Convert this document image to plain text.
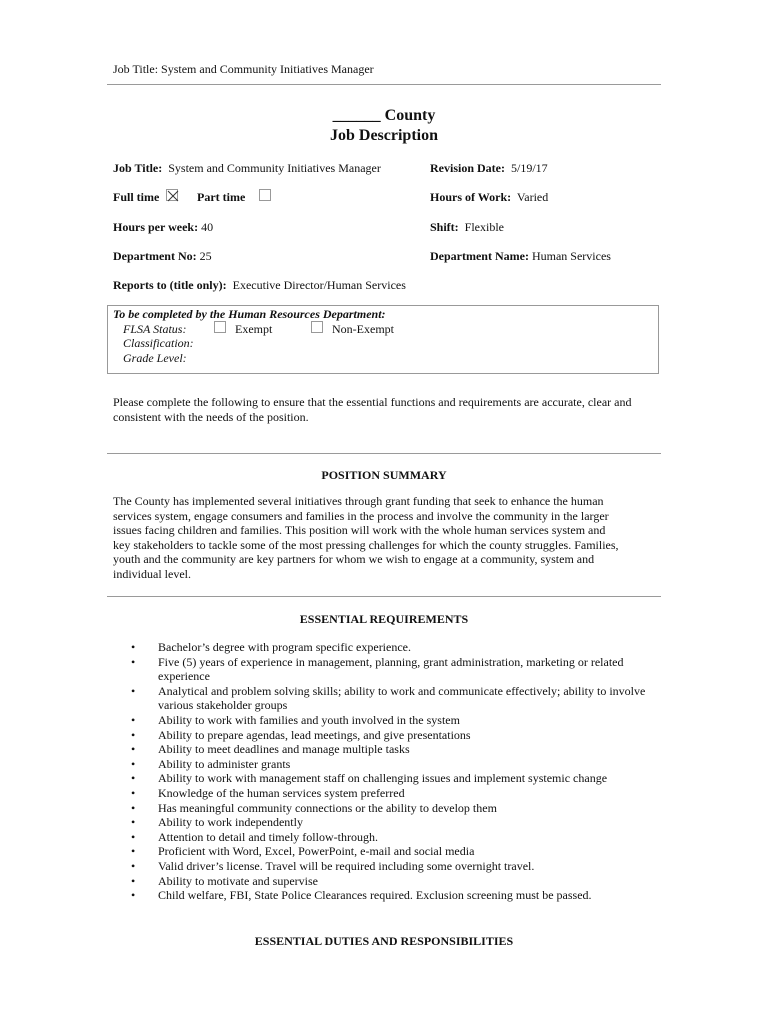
Job Title: System and Community Initiatives Manager
______ County
Job Description
Job Title: System and Community Initiatives Manager	Revision Date: 5/19/17
Full time	Part time	Hours of Work: Varied
Hours per week: 40	Shift: Flexible
Department No: 25	Department Name: Human Services
Reports to (title only): Executive Director/Human Services
To be completed by the Human Resources Department:
FLSA Status:	Exempt	Non-Exempt
Classification:
Grade Level:
Please complete the following to ensure that the essential functions and requirements are accurate, clear and consistent with the needs of the position.
POSITION SUMMARY
The County has implemented several initiatives through grant funding that seek to enhance the human
services system, engage consumers and families in the process and involve the community in the larger
issues facing children and families. This position will work with the whole human services system and
key stakeholders to tackle some of the most pressing challenges for which the county struggles. Families,
youth and the community are key partners for whom we wish to engage at a community, system and
individual level.
ESSENTIAL REQUIREMENTS
• Bachelor’s degree with program specific experience.
• Five (5) years of experience in management, planning, grant administration, marketing or related experience
• Analytical and problem solving skills; ability to work and communicate effectively; ability to involve various stakeholder groups
• Ability to work with families and youth involved in the system
• Ability to prepare agendas, lead meetings, and give presentations
• Ability to meet deadlines and manage multiple tasks
• Ability to administer grants
• Ability to work with management staff on challenging issues and implement systemic change
• Knowledge of the human services system preferred
• Has meaningful community connections or the ability to develop them
• Ability to work independently
• Attention to detail and timely follow-through.
• Proficient with Word, Excel, PowerPoint, e-mail and social media
• Valid driver’s license. Travel will be required including some overnight travel.
• Ability to motivate and supervise
• Child welfare, FBI, State Police Clearances required. Exclusion screening must be passed.
ESSENTIAL DUTIES AND RESPONSIBILITIES
